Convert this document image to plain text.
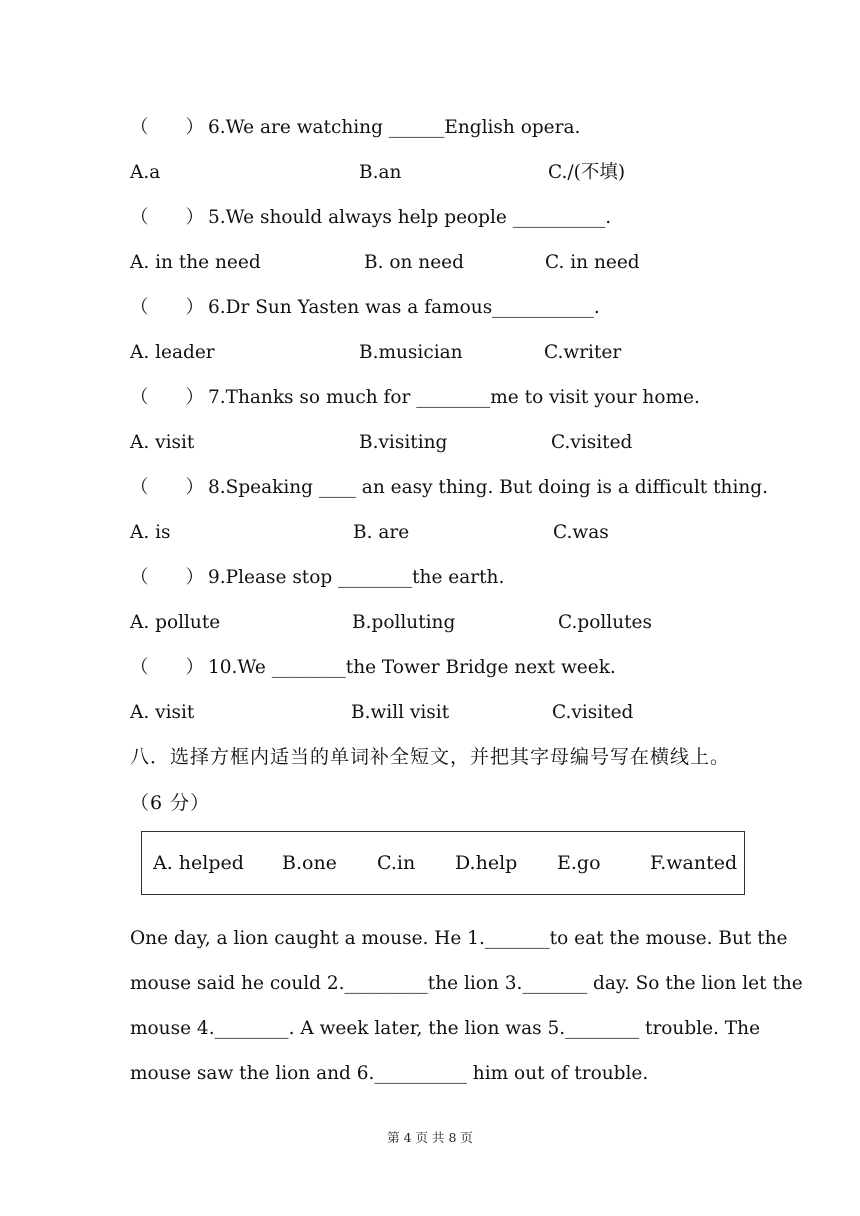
（　　） 6.We are watching ______English opera.
A.a	B.an	C./(不填)
（　　） 5.We should always help people __________.
A. in the need	B. on need	C. in need
（　　） 6.Dr Sun Yasten was a famous___________.
A. leader	B.musician	C.writer
（　　） 7.Thanks so much for ________me to visit your home.
A. visit	B.visiting	C.visited
（　　） 8.Speaking ____ an easy thing. But doing is a difficult thing.
A. is	B. are	C.was
（　　） 9.Please stop ________the earth.
A. pollute	B.polluting	C.pollutes
（　　） 10.We ________the Tower Bridge next week.
A. visit	B.will visit	C.visited
八．选择方框内适当的单词补全短文，并把其字母编号写在横线上。
（6 分）
A. helped B.one C.in D.help E.go	F.wanted
One day, a lion caught a mouse. He 1._______to eat the mouse. But the
mouse said he could 2._________the lion 3._______ day. So the lion let the
mouse 4.________. A week later, the lion was 5.________ trouble. The
mouse saw the lion and 6.__________ him out of trouble.
第 4 页 共 8 页
